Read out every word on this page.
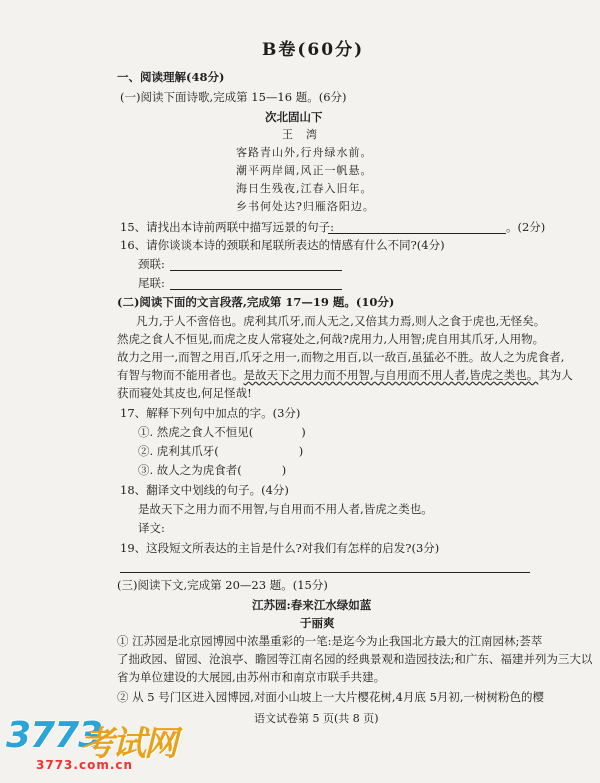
B卷(60分)
一、阅读理解(48分)
(一)阅读下面诗歌,完成第 15—16 题。(6分)
次北固山下
王　湾
客路青山外,行舟绿水前。
潮平两岸阔,风正一帆悬。
海日生残夜,江春入旧年。
乡书何处达?归雁洛阳边。
15、请找出本诗前两联中描写远景的句子:	。(2分)
16、请你谈谈本诗的颈联和尾联所表达的情感有什么不同?(4分)
颈联:
尾联:
(二)阅读下面的文言段落,完成第 17—19 题。(10分)
凡力,于人不啻倍也。虎利其爪牙,而人无之,又倍其力焉,则人之食于虎也,无怪矣。
然虎之食人不恒见,而虎之皮人常寝处之,何哉?虎用力,人用智;虎自用其爪牙,人用物。
故力之用一,而智之用百,爪牙之用一,而物之用百,以一敌百,虽猛必不胜。故人之为虎食者,
有智与物而不能用者也。是故天下之用力而不用智,与自用而不用人者,皆虎之类也。其为人
获而寝处其皮也,何足怪哉!
17、解释下列句中加点的字。(3分)
①. 然虎之食人不恒见(	)
②. 虎利其爪牙(	)
③. 故人之为虎食者(	)
18、翻译文中划线的句子。(4分)
是故天下之用力而不用智,与自用而不用人者,皆虎之类也。
译文:
19、这段短文所表达的主旨是什么?对我们有怎样的启发?(3分)
(三)阅读下文,完成第 20—23 题。(15分)
江苏园:春来江水绿如蓝
于丽爽
① 江苏园是北京园博园中浓墨重彩的一笔:是迄今为止我国北方最大的江南园林;荟萃
了拙政园、留园、沧浪亭、瞻园等江南名园的经典景观和造园技法;和广东、福建并列为三大以
省为单位建设的大展园,由苏州市和南京市联手共建。
② 从 5 号门区进入园博园,对面小山坡上一大片樱花树,4月底 5月初,一树树粉色的樱
语文试卷第 5 页(共 8 页)
3773
考试网
3773.com.cn
